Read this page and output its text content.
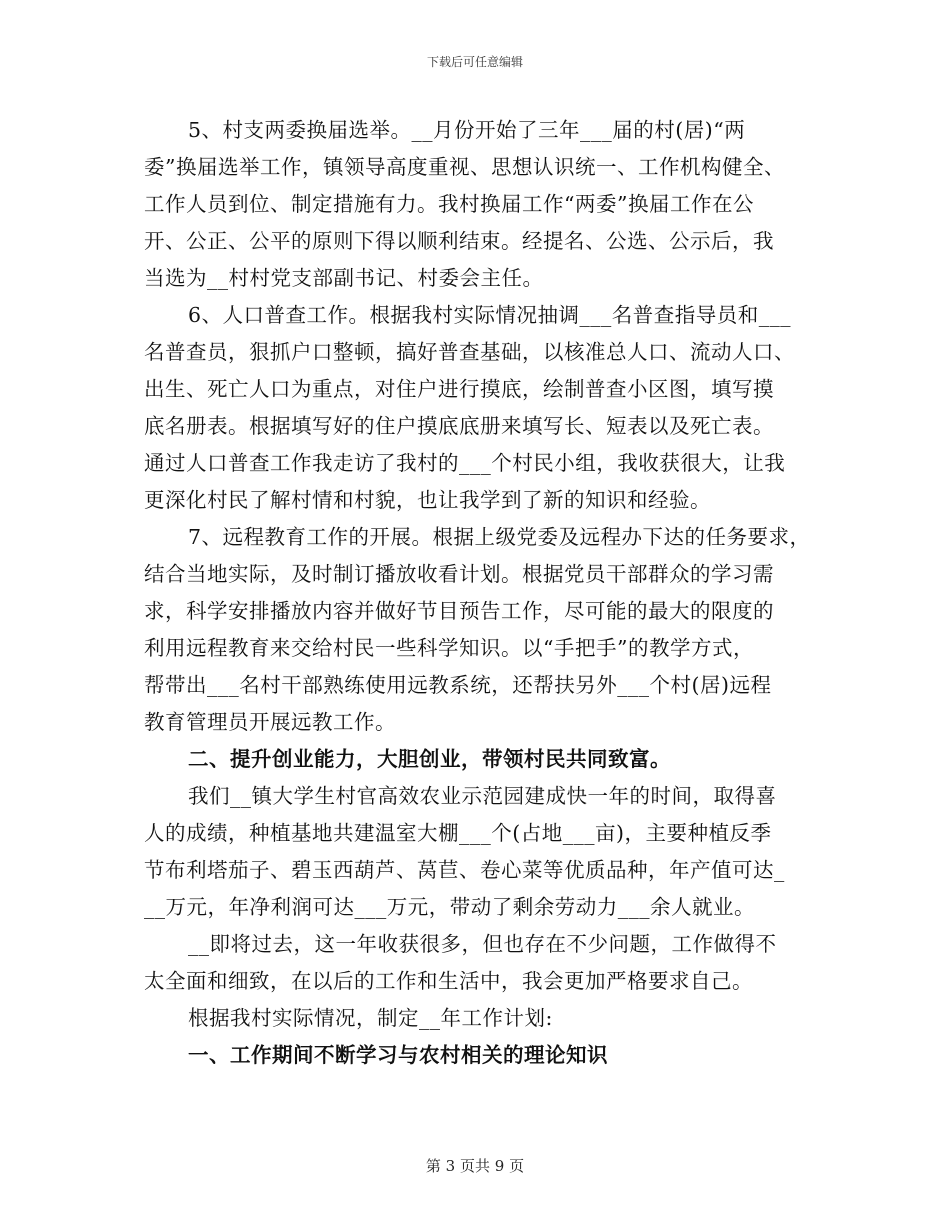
下载后可任意编辑
5、村支两委换届选举。__月份开始了三年___届的村(居)“两
委”换届选举工作，镇领导高度重视、思想认识统一、工作机构健全、
工作人员到位、制定措施有力。我村换届工作“两委”换届工作在公
开、公正、公平的原则下得以顺利结束。经提名、公选、公示后，我
当选为__村村党支部副书记、村委会主任。
6、人口普查工作。根据我村实际情况抽调___名普查指导员和___
名普查员，狠抓户口整顿，搞好普查基础，以核准总人口、流动人口、
出生、死亡人口为重点，对住户进行摸底，绘制普查小区图，填写摸
底名册表。根据填写好的住户摸底底册来填写长、短表以及死亡表。
通过人口普查工作我走访了我村的___个村民小组，我收获很大，让我
更深化村民了解村情和村貌，也让我学到了新的知识和经验。
7、远程教育工作的开展。根据上级党委及远程办下达的任务要求，
结合当地实际，及时制订播放收看计划。根据党员干部群众的学习需
求，科学安排播放内容并做好节目预告工作，尽可能的最大的限度的
利用远程教育来交给村民一些科学知识。以“手把手”的教学方式，
帮带出___名村干部熟练使用远教系统，还帮扶另外___个村(居)远程
教育管理员开展远教工作。
二、提升创业能力，大胆创业，带领村民共同致富。
我们__镇大学生村官高效农业示范园建成快一年的时间，取得喜
人的成绩，种植基地共建温室大棚___个(占地___亩)，主要种植反季
节布利塔茄子、碧玉西葫芦、莴苣、卷心菜等优质品种，年产值可达_
__万元，年净利润可达___万元，带动了剩余劳动力___余人就业。
__即将过去，这一年收获很多，但也存在不少问题，工作做得不
太全面和细致，在以后的工作和生活中，我会更加严格要求自己。
根据我村实际情况，制定__年工作计划:
一、工作期间不断学习与农村相关的理论知识
第 3 页共 9 页
